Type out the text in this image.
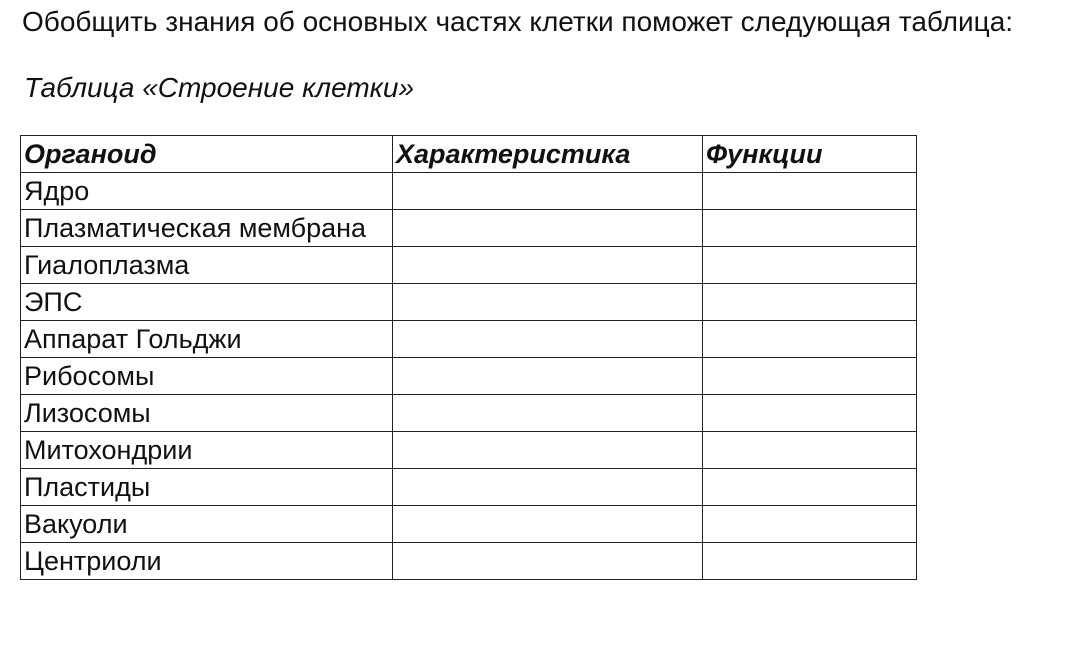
Обобщить знания об основных частях клетки поможет следующая таблица:
Таблица «Строение клетки»
Органоид	Характеристика	Функции
Ядро		
Плазматическая мембрана		
Гиалоплазма		
ЭПС		
Аппарат Гольджи		
Рибосомы		
Лизосомы		
Митохондрии		
Пластиды		
Вакуоли		
Центриоли		
